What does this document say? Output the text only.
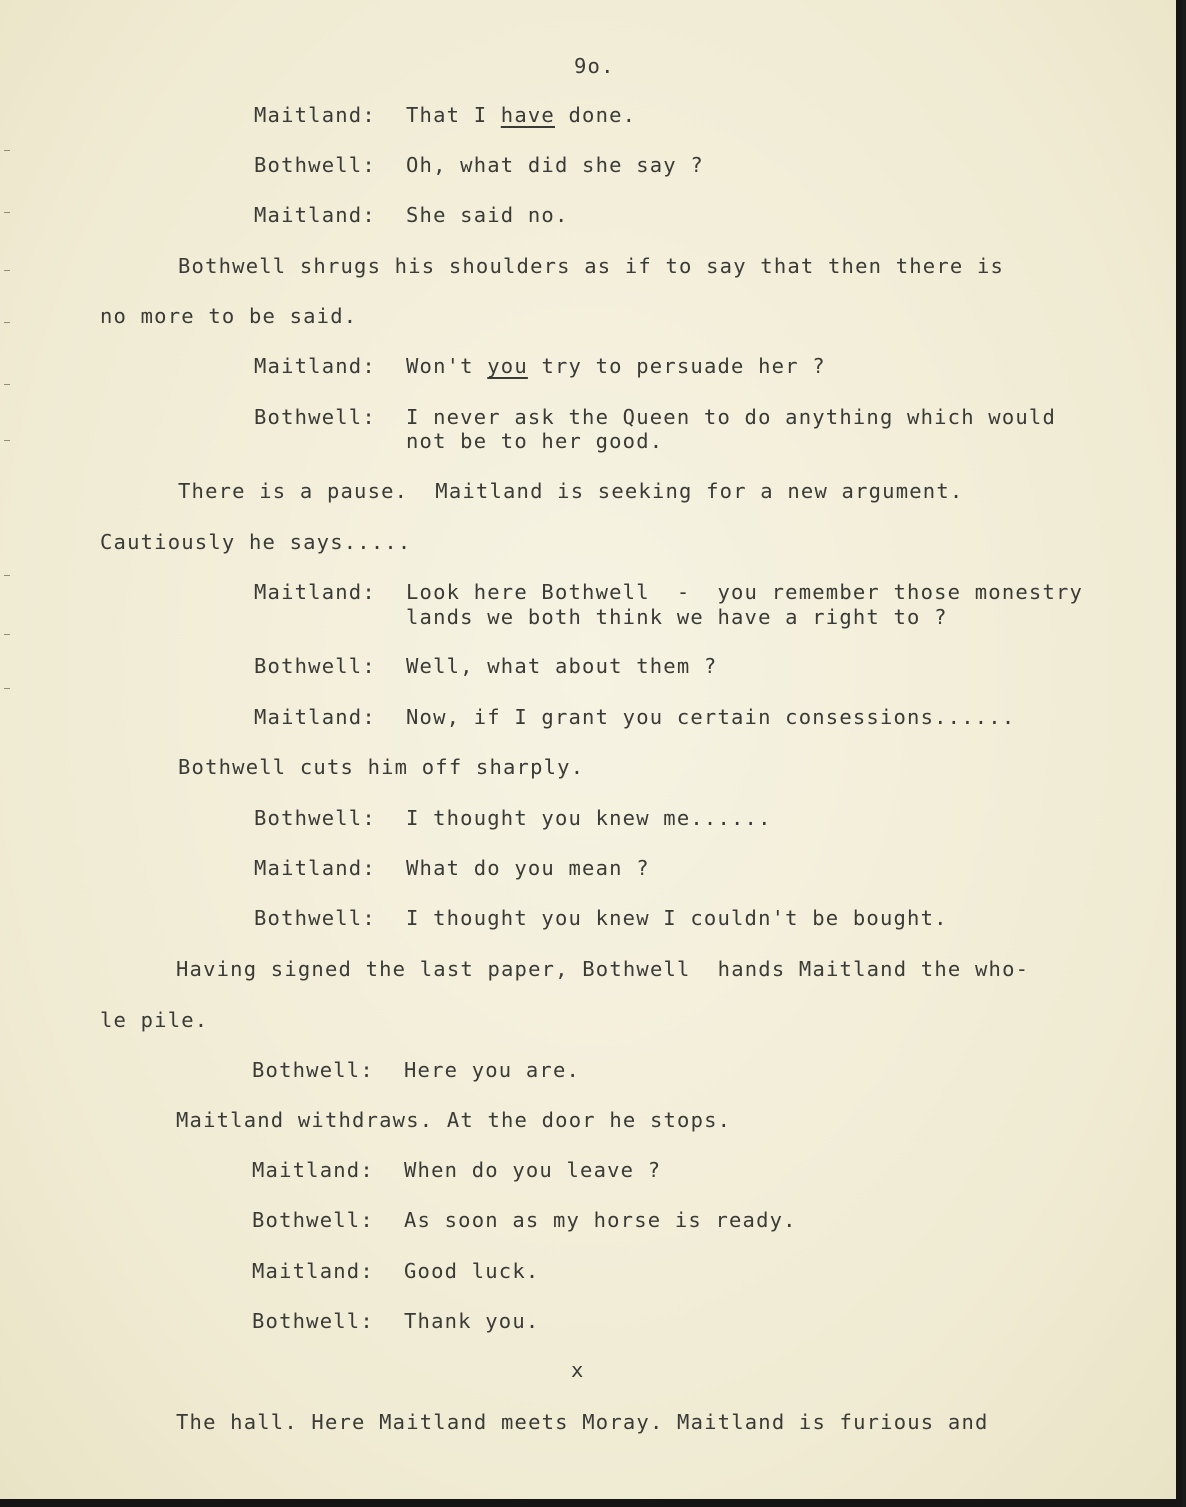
9o.
Maitland: That I have done.
Bothwell: Oh, what did she say ?
Maitland: She said no.
Bothwell shrugs his shoulders as if to say that then there is
no more to be said.
Maitland: Won't you try to persuade her ?
Bothwell: I never ask the Queen to do anything which would
not be to her good.
There is a pause.  Maitland is seeking for a new argument.
Cautiously he says.....
Maitland: Look here Bothwell  -  you remember those monestry
lands we both think we have a right to ?
Bothwell: Well, what about them ?
Maitland: Now, if I grant you certain consessions......
Bothwell cuts him off sharply.
Bothwell: I thought you knew me......
Maitland: What do you mean ?
Bothwell: I thought you knew I couldn't be bought.
Having signed the last paper, Bothwell  hands Maitland the who-
le pile.
Bothwell: Here you are.
Maitland withdraws. At the door he stops.
Maitland: When do you leave ?
Bothwell: As soon as my horse is ready.
Maitland: Good luck.
Bothwell: Thank you.
x
The hall. Here Maitland meets Moray. Maitland is furious and
